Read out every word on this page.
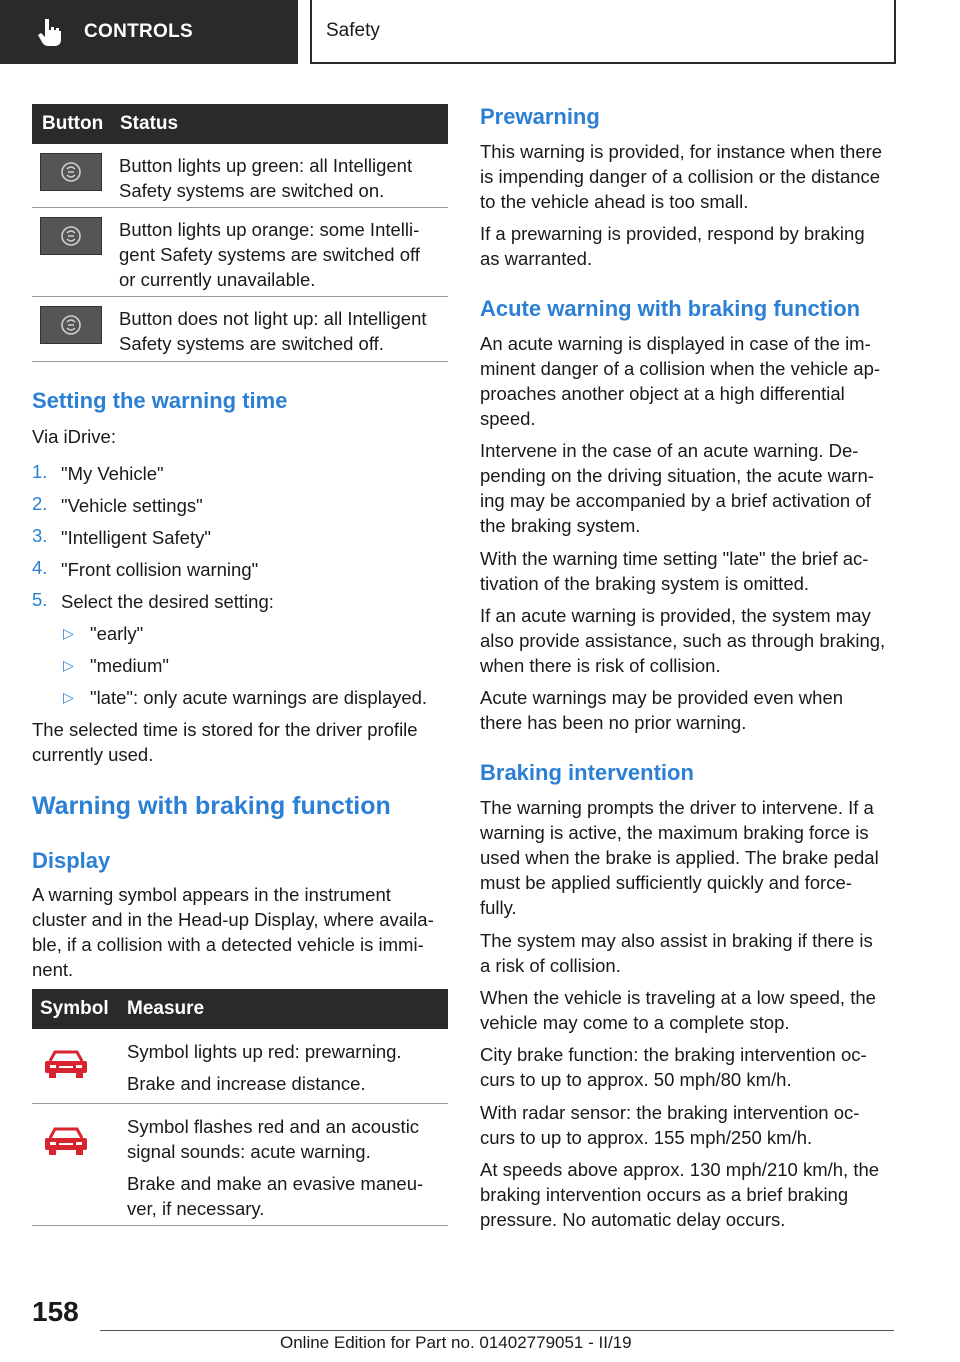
CONTROLS	Safety
Button Status
Button lights up green: all Intelligent
Safety systems are switched on.
Button lights up orange: some Intelli-
gent Safety systems are switched off
or currently unavailable.
Button does not light up: all Intelligent
Safety systems are switched off.
Setting the warning time
Via iDrive:
1. "My Vehicle"
2. "Vehicle settings"
3. "Intelligent Safety"
4. "Front collision warning"
5. Select the desired setting:
▷ "early"
▷ "medium"
▷ "late": only acute warnings are displayed.
The selected time is stored for the driver profile
currently used.
Warning with braking function
Display
A warning symbol appears in the instrument
cluster and in the Head-up Display, where availa-
ble, if a collision with a detected vehicle is immi-
nent.
Symbol Measure
Symbol lights up red: prewarning.
Brake and increase distance.
Symbol flashes red and an acoustic
signal sounds: acute warning.
Brake and make an evasive maneu-
ver, if necessary.
Prewarning
This warning is provided, for instance when there
is impending danger of a collision or the distance
to the vehicle ahead is too small.
If a prewarning is provided, respond by braking
as warranted.
Acute warning with braking function
An acute warning is displayed in case of the im-
minent danger of a collision when the vehicle ap-
proaches another object at a high differential
speed.
Intervene in the case of an acute warning. De-
pending on the driving situation, the acute warn-
ing may be accompanied by a brief activation of
the braking system.
With the warning time setting "late" the brief ac-
tivation of the braking system is omitted.
If an acute warning is provided, the system may
also provide assistance, such as through braking,
when there is risk of collision.
Acute warnings may be provided even when
there has been no prior warning.
Braking intervention
The warning prompts the driver to intervene. If a
warning is active, the maximum braking force is
used when the brake is applied. The brake pedal
must be applied sufficiently quickly and force-
fully.
The system may also assist in braking if there is
a risk of collision.
When the vehicle is traveling at a low speed, the
vehicle may come to a complete stop.
City brake function: the braking intervention oc-
curs to up to approx. 50 mph/80 km/h.
With radar sensor: the braking intervention oc-
curs to up to approx. 155 mph/250 km/h.
At speeds above approx. 130 mph/210 km/h, the
braking intervention occurs as a brief braking
pressure. No automatic delay occurs.
158
Online Edition for Part no. 01402779051 - II/19
